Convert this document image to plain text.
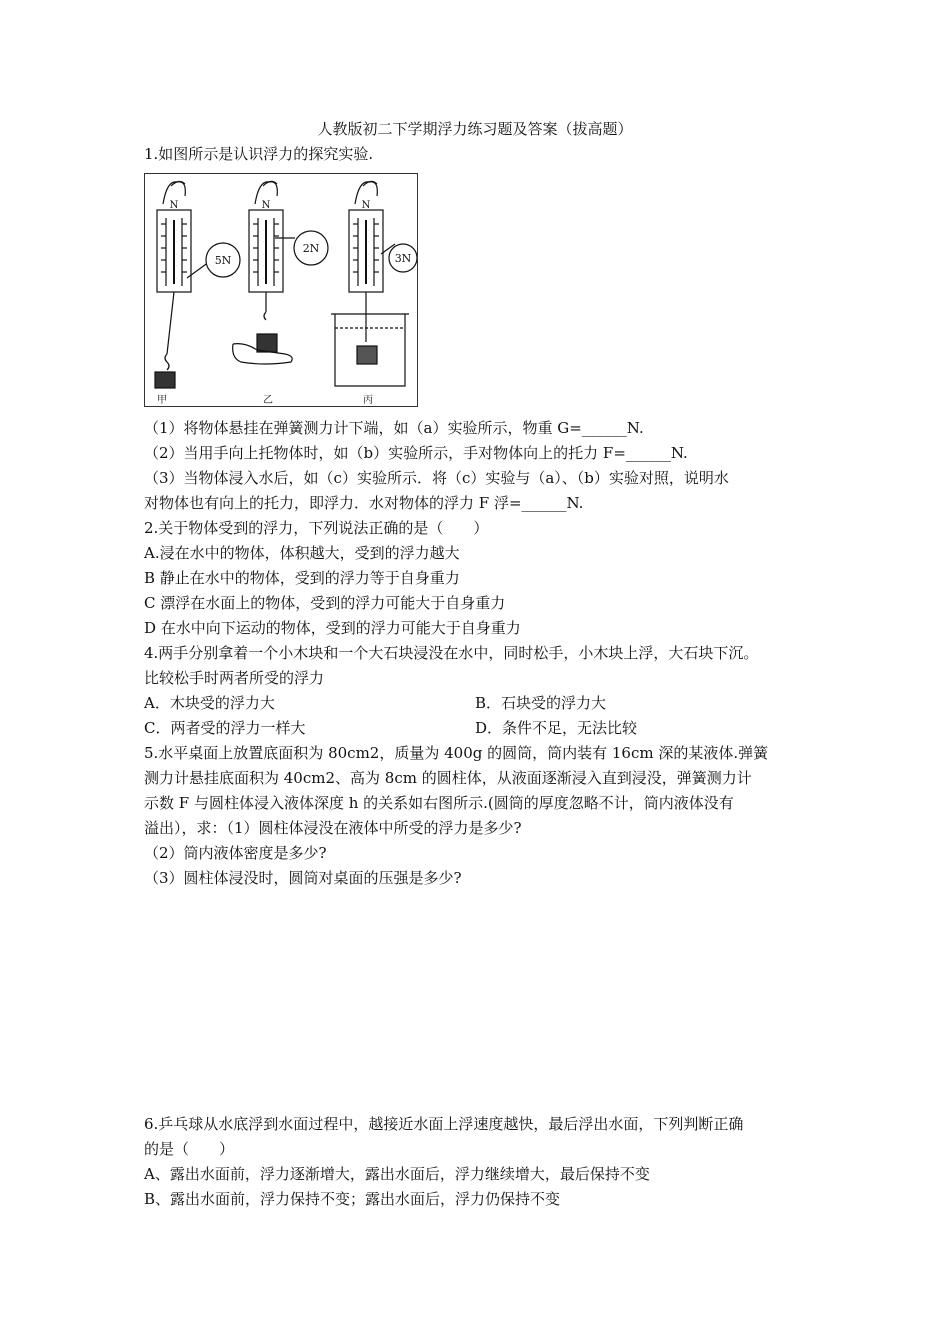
人教版初二下学期浮力练习题及答案（拔高题）
1.如图所示是认识浮力的探究实验.
N	N	N
5N
2N
3N
甲	乙	丙
（1）将物体悬挂在弹簧测力计下端，如（a）实验所示，物重 G=______N.
（2）当用手向上托物体时，如（b）实验所示，手对物体向上的托力 F=______N.
（3）当物体浸入水后，如（c）实验所示．将（c）实验与（a）、（b）实验对照，说明水
对物体也有向上的托力，即浮力．水对物体的浮力 F 浮=______N.
2.关于物体受到的浮力，下列说法正确的是（　　）
A.浸在水中的物体，体积越大，受到的浮力越大
B 静止在水中的物体，受到的浮力等于自身重力
C 漂浮在水面上的物体，受到的浮力可能大于自身重力
D 在水中向下运动的物体，受到的浮力可能大于自身重力
4.两手分别拿着一个小木块和一个大石块浸没在水中，同时松手，小木块上浮，大石块下沉。
比较松手时两者所受的浮力
A．木块受的浮力大	B．石块受的浮力大
C．两者受的浮力一样大	D．条件不足，无法比较
5.水平桌面上放置底面积为 80cm2，质量为 400g 的圆筒，筒内装有 16cm 深的某液体.弹簧
测力计悬挂底面积为 40cm2、高为 8cm 的圆柱体，从液面逐渐浸入直到浸没，弹簧测力计
示数 F 与圆柱体浸入液体深度 h 的关系如右图所示.(圆筒的厚度忽略不计，筒内液体没有
溢出），求：（1）圆柱体浸没在液体中所受的浮力是多少?
（2）筒内液体密度是多少?
（3）圆柱体浸没时，圆筒对桌面的压强是多少?
6.乒乓球从水底浮到水面过程中，越接近水面上浮速度越快，最后浮出水面，下列判断正确
的是（　　）
A、露出水面前，浮力逐渐增大，露出水面后，浮力继续增大，最后保持不变
B、露出水面前，浮力保持不变；露出水面后，浮力仍保持不变
